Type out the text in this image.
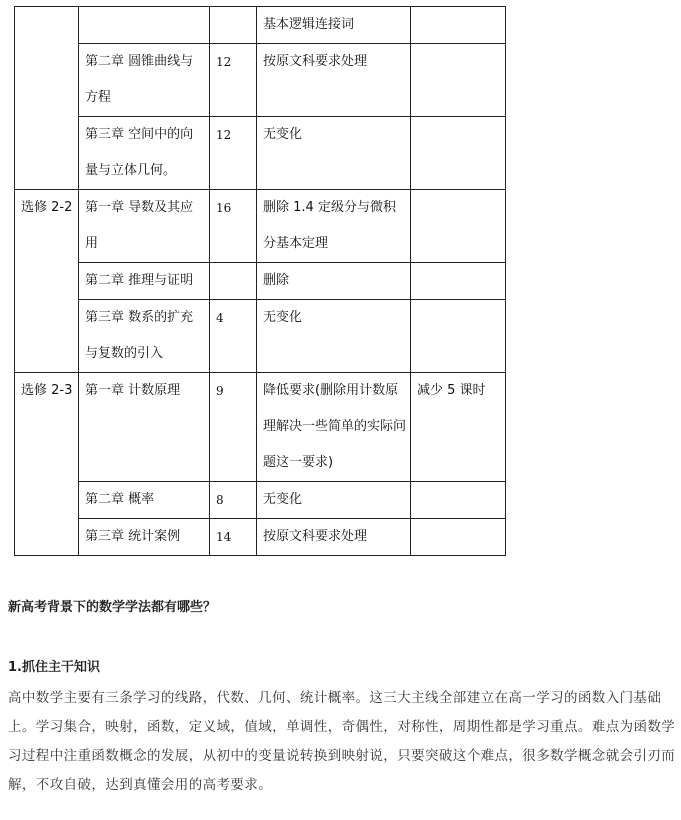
			基本逻辑连接词	
	第二章 圆锥曲线与方程	12	按原文科要求处理	
	第三章 空间中的向量与立体几何。	12	无变化	
选修 2-2	第一章 导数及其应用	16	删除 1.4 定级分与微积分基本定理	
	第二章 推理与证明		删除	
	第三章 数系的扩充与复数的引入	4	无变化	
选修 2-3	第一章 计数原理	9	降低要求(删除用计数原理解决一些简单的实际问题这一要求)	减少 5 课时
	第二章 概率	8	无变化	
	第三章 统计案例	14	按原文科要求处理	
新高考背景下的数学学法都有哪些？
1.抓住主干知识
高中数学主要有三条学习的线路，代数、几何、统计概率。这三大主线全部建立在高一学习的函数入门基础上。学习集合，映射，函数，定义域，值域，单调性，奇偶性，对称性，周期性都是学习重点。难点为函数学习过程中注重函数概念的发展，从初中的变量说转换到映射说，只要突破这个难点，很多数学概念就会引刃而解，不攻自破，达到真懂会用的高考要求。
